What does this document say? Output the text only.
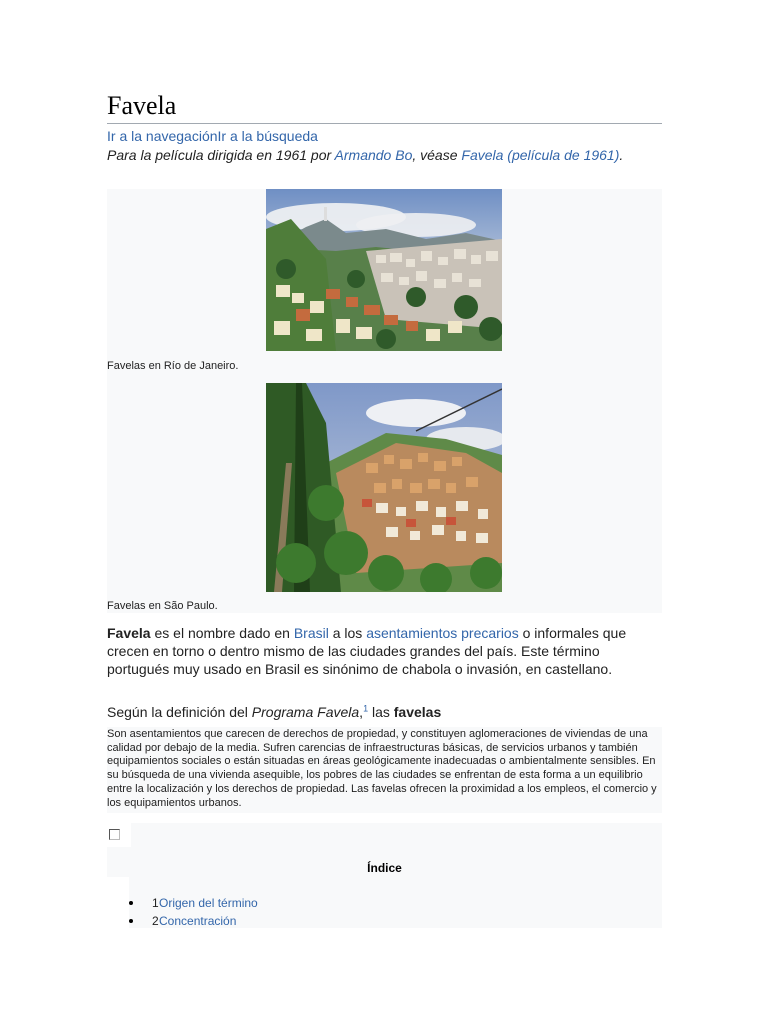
Favela
Ir a la navegaciónIr a la búsqueda
Para la película dirigida en 1961 por Armando Bo, véase Favela (película de 1961).
Favelas en Río de Janeiro.
Favelas en São Paulo.

Favela es el nombre dado en Brasil a los asentamientos precarios o informales que crecen en torno o dentro mismo de las ciudades grandes del país. Este término portugués muy usado en Brasil es sinónimo de chabola o invasión, en castellano.

Según la definición del Programa Favela,$^1$ las favelas

Son asentamientos que carecen de derechos de propiedad, y constituyen aglomeraciones de viviendas de una calidad por debajo de la media. Sufren carencias de infraestructuras básicas, de servicios urbanos y también equipamientos sociales o están situadas en áreas geológicamente inadecuadas o ambientalmente sensibles. En su búsqueda de una vivienda asequible, los pobres de las ciudades se enfrentan de esta forma a un equilibrio entre la localización y los derechos de propiedad. Las favelas ofrecen la proximidad a los empleos, el comercio y los equipamientos urbanos.

Índice
1 Origen del término
2 Concentración
